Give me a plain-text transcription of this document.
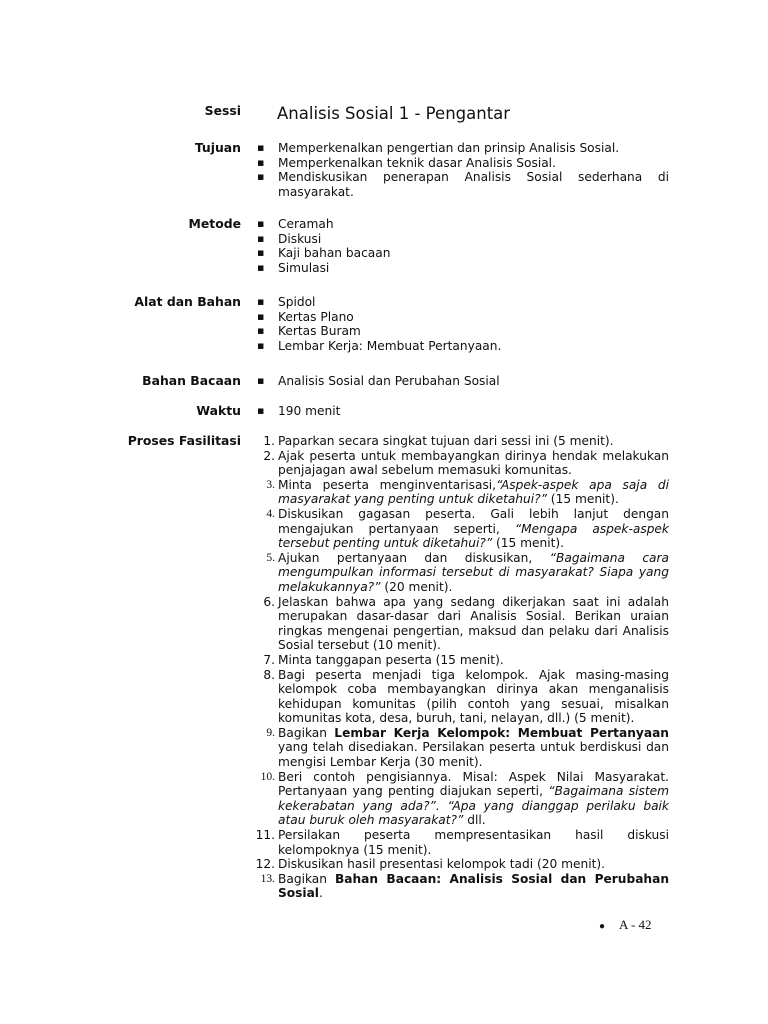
Sessi Analisis Sosial 1 - Pengantar
Tujuan	▪ Memperkenalkan pengertian dan prinsip Analisis Sosial.
▪ Memperkenalkan teknik dasar Analisis Sosial.
▪ Mendiskusikan penerapan Analisis Sosial sederhana di masyarakat.
Metode	▪ Ceramah
▪ Diskusi
▪ Kaji bahan bacaan
▪ Simulasi
Alat dan Bahan	▪ Spidol
▪ Kertas Plano
▪ Kertas Buram
▪ Lembar Kerja: Membuat Pertanyaan.
Bahan Bacaan	▪ Analisis Sosial dan Perubahan Sosial
Waktu	▪ 190 menit
Proses Fasilitasi	1. Paparkan secara singkat tujuan dari sessi ini (5 menit).
2. Ajak peserta untuk membayangkan dirinya hendak melakukan penjajagan awal sebelum memasuki komunitas.
3. Minta peserta menginventarisasi,“Aspek-aspek apa saja di masyarakat yang penting untuk diketahui?” (15 menit).
4. Diskusikan gagasan peserta. Gali lebih lanjut dengan mengajukan pertanyaan seperti, “Mengapa aspek-aspek tersebut penting untuk diketahui?” (15 menit).
5. Ajukan pertanyaan dan diskusikan, “Bagaimana cara mengumpulkan informasi tersebut di masyarakat? Siapa yang melakukannya?” (20 menit).
6. Jelaskan bahwa apa yang sedang dikerjakan saat ini adalah merupakan dasar-dasar dari Analisis Sosial. Berikan uraian ringkas mengenai pengertian, maksud dan pelaku dari Analisis Sosial tersebut (10 menit).
7. Minta tanggapan peserta (15 menit).
8. Bagi peserta menjadi tiga kelompok. Ajak masing-masing kelompok coba membayangkan dirinya akan menganalisis kehidupan komunitas (pilih contoh yang sesuai, misalkan komunitas kota, desa, buruh, tani, nelayan, dll.) (5 menit).
9. Bagikan Lembar Kerja Kelompok: Membuat Pertanyaan yang telah disediakan. Persilakan peserta untuk berdiskusi dan mengisi Lembar Kerja (30 menit).
10. Beri contoh pengisiannya. Misal: Aspek Nilai Masyarakat. Pertanyaan yang penting diajukan seperti, “Bagaimana sistem kekerabatan yang ada?”. “Apa yang dianggap perilaku baik atau buruk oleh masyarakat?” dll.
11. Persilakan peserta mempresentasikan hasil diskusi kelompoknya (15 menit).
12. Diskusikan hasil presentasi kelompok tadi (20 menit).
13. Bagikan Bahan Bacaan: Analisis Sosial dan Perubahan Sosial.
● A - 42
